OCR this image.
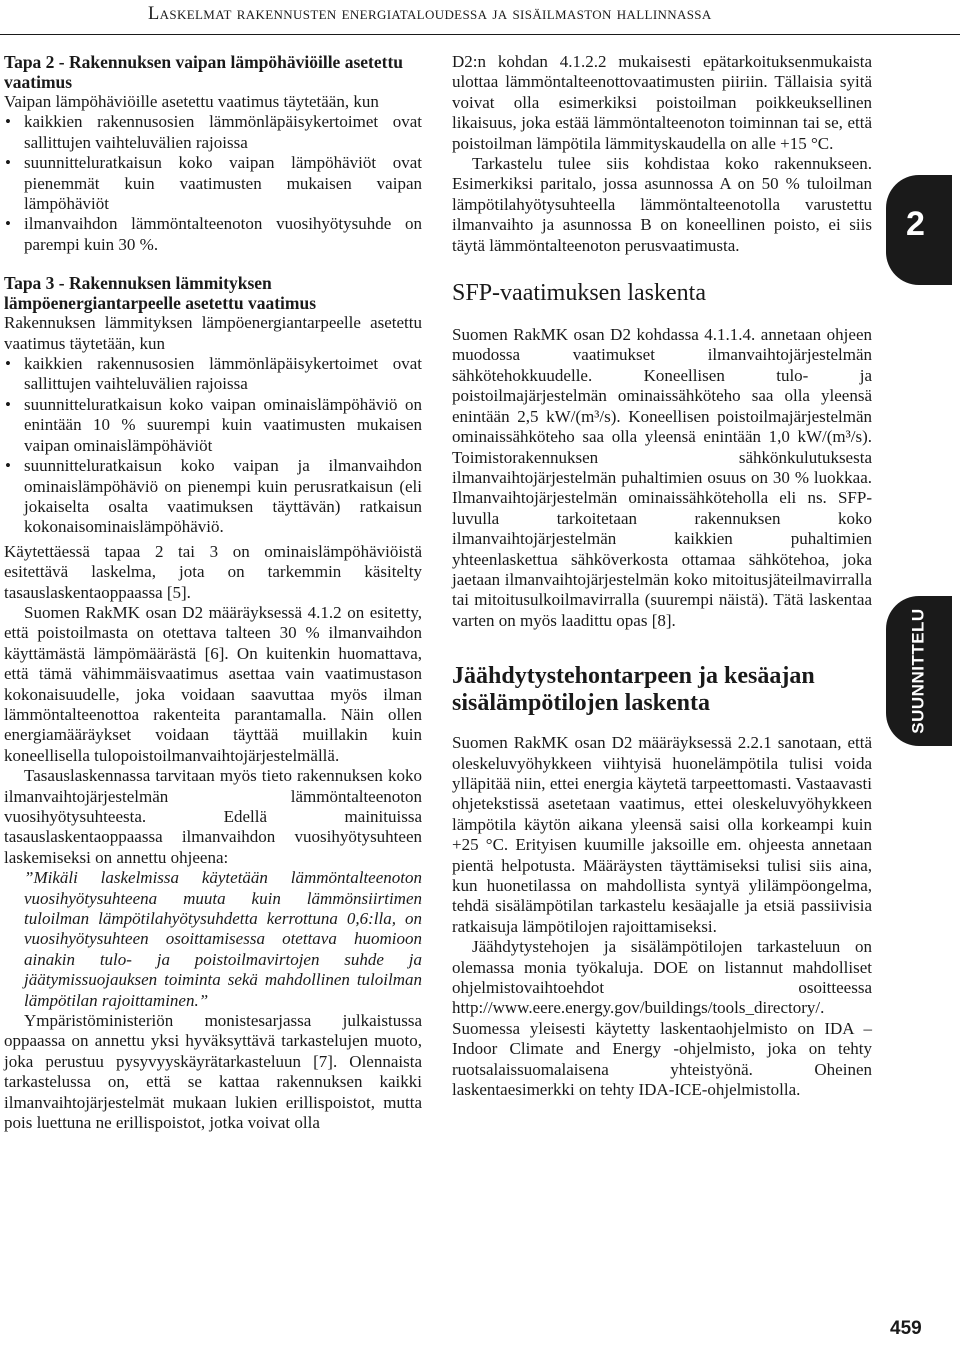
Laskelmat rakennusten energiataloudessa ja sisäilmaston hallinnassa
Tapa 2 - Rakennuksen vaipan lämpöhäviöille asetettu vaatimus

Vaipan lämpöhäviöille asetettu vaatimus täytetään, kun

• kaikkien rakennusosien lämmönläpäisykertoimet ovat sallittujen vaihteluvälien rajoissa
• suunnitteluratkaisun koko vaipan lämpöhäviöt ovat pienemmät kuin vaatimusten mukaisen vaipan lämpöhäviöt
• ilmanvaihdon lämmöntalteenoton vuosihyötysuhde on parempi kuin 30 %.
Tapa 3 - Rakennuksen lämmityksen lämpöenergiantarpeelle asetettu vaatimus

Rakennuksen lämmityksen lämpöenergiantarpeelle asetettu vaatimus täytetään, kun

• kaikkien rakennusosien lämmönläpäisykertoimet ovat sallittujen vaihteluvälien rajoissa
• suunnitteluratkaisun koko vaipan ominaislämpöhäviö on enintään 10 % suurempi kuin vaatimusten mukaisen vaipan ominaislämpöhäviöt
• suunnitteluratkaisun koko vaipan ja ilmanvaihdon ominaislämpöhäviö on pienempi kuin perusratkaisun (eli jokaiselta osalta vaatimuksen täyttävän) ratkaisun kokonaisominaislämpöhäviö.

Käytettäessä tapaa 2 tai 3 on ominaislämpöhäviöistä esitettävä laskelma, jota on tarkemmin käsitelty tasauslaskentaoppaassa [5].

Suomen RakMK osan D2 määräyksessä 4.1.2 on esitetty, että poistoilmasta on otettava talteen 30 % ilmanvaihdon käyttämästä lämpömäärästä [6]. On kuitenkin huomattava, että tämä vähimmäisvaatimus asettaa vain vaatimustason kokonaisuudelle, joka voidaan saavuttaa myös ilman lämmöntalteenottoa rakenteita parantamalla. Näin ollen energiamääräykset voidaan täyttää muillakin kuin koneellisella tulopoistoilmanvaihtojärjestelmällä.

Tasauslaskennassa tarvitaan myös tieto rakennuksen koko ilmanvaihtojärjestelmän lämmöntalteenoton vuosihyötysuhteesta. Edellä mainituissa tasauslaskentaoppaassa ilmanvaihdon vuosihyötysuhteen laskemiseksi on annettu ohjeena:

”Mikäli laskelmissa käytetään lämmöntalteenoton vuosihyötysuhteena muuta kuin lämmönsiirtimen tuloilman lämpötilahyötysuhdetta kerrottuna 0,6:lla, on vuosihyötysuhteen osoittamisessa otettava huomioon ainakin tulo- ja poistoilmavirtojen suhde ja jäätymissuojauksen toiminta sekä mahdollinen tuloilman lämpötilan rajoittaminen.”

Ympäristöministeriön monistesarjassa julkaistussa oppaassa on annettu yksi hyväksyttävä tarkastelujen muoto, joka perustuu pysyvyyskäyrätarkasteluun [7]. Olennaista tarkastelussa on, että se kattaa rakennuksen kaikki ilmanvaihtojärjestelmät mukaan lukien erillispoistot, mutta pois luettuna ne erillispoistot, jotka voivat olla

D2:n kohdan 4.1.2.2 mukaisesti epätarkoituksenmukaista ulottaa lämmöntalteenottovaatimusten piiriin. Tällaisia syitä voivat olla esimerkiksi poistoilman poikkeuksellinen likaisuus, joka estää lämmöntalteenoton toiminnan tai se, että poistoilman lämpötila lämmityskaudella on alle +15 °C.

Tarkastelu tulee siis kohdistaa koko rakennukseen. Esimerkiksi paritalo, jossa asunnossa A on 50 % tuloilman lämpötilahyötysuhteella lämmöntalteenotolla varustettu ilmanvaihto ja asunnossa B on koneellinen poisto, ei siis täytä lämmöntalteenoton perusvaatimusta.

SFP-vaatimuksen laskenta

Suomen RakMK osan D2 kohdassa 4.1.1.4. annetaan ohjeen muodossa vaatimukset ilmanvaihtojärjestelmän sähkötehokkuudelle. Koneellisen tulo- ja poistoilmajärjestelmän ominaissähköteho saa olla yleensä enintään 2,5 kW/(m³/s). Koneellisen poistoilmajärjestelmän ominaissähköteho saa olla yleensä enintään 1,0 kW/(m³/s). Toimistorakennuksen sähkönkulutuksesta ilmanvaihtojärjestelmän puhaltimien osuus on 30 % luokkaa. Ilmanvaihtojärjestelmän ominaissähköteholla eli ns. SFP-luvulla tarkoitetaan rakennuksen koko ilmanvaihtojärjestelmän kaikkien puhaltimien yhteenlaskettua sähköverkosta ottamaa sähkötehoa, joka jaetaan ilmanvaihtojärjestelmän koko mitoitusjäteilmavirralla tai mitoitusulkoilmavirralla (suurempi näistä). Tätä laskentaa varten on myös laadittu opas [8].

Jäähdytystehontarpeen ja kesäajan sisälämpötilojen laskenta

Suomen RakMK osan D2 määräyksessä 2.2.1 sanotaan, että oleskeluvyöhykkeen viihtyisä huonelämpötila tulisi voida ylläpitää niin, ettei energia käytetä tarpeettomasti. Vastaavasti ohjetekstissä asetetaan vaatimus, ettei oleskeluvyöhykkeen lämpötila käytön aikana yleensä saisi olla korkeampi kuin +25 °C. Erityisen kuumille jaksoille em. ohjeesta annetaan pientä helpotusta. Määräysten täyttämiseksi tulisi siis aina, kun huonetilassa on mahdollista syntyä ylilämpöongelma, tehdä sisälämpötilan tarkastelu kesäajalle ja etsiä passiivisia ratkaisuja lämpötilojen rajoittamiseksi.

Jäähdytystehojen ja sisälämpötilojen tarkasteluun on olemassa monia työkaluja. DOE on listannut mahdolliset ohjelmistovaihtoehdot osoitteessa http://www.eere.energy.gov/buildings/tools_directory/. Suomessa yleisesti käytetty laskentaohjelmisto on IDA – Indoor Climate and Energy -ohjelmisto, joka on tehty ruotsalaissuomalaisena yhteistyönä. Oheinen laskentaesimerkki on tehty IDA-ICE-ohjelmistolla.

2
SUUNNITTELU
459
